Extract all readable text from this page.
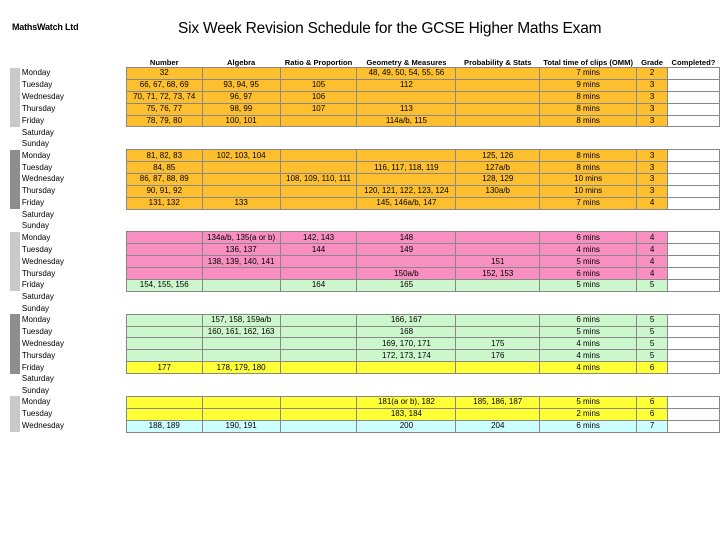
MathsWatch Ltd	Six Week Revision Schedule for the GCSE Higher Maths Exam
		Number	Algebra	Ratio & Proportion	Geometry & Measures	Probability & Stats	Total time of clips (OMM)	Grade	Completed?
	Monday	32			48, 49, 50, 54, 55, 56		7 mins	2	
	Tuesday	66, 67, 68, 69	93, 94, 95	105	112		9 mins	3	
	Wednesday	70, 71, 72, 73, 74	96, 97	106			8 mins	3	
	Thursday	75, 76, 77	98, 99	107	113		8 mins	3	
	Friday	78, 79, 80	100, 101		114a/b, 115		8 mins	3	
	Saturday								
	Sunday								
	Monday	81, 82, 83	102, 103, 104			125, 126	8 mins	3	
	Tuesday	84, 85			116, 117, 118, 119	127a/b	8 mins	3	
	Wednesday	86, 87, 88, 89		108, 109, 110, 111		128, 129	10 mins	3	
	Thursday	90, 91, 92			120, 121, 122, 123, 124	130a/b	10 mins	3	
	Friday	131, 132	133		145, 146a/b, 147		7 mins	4	
	Saturday								
	Sunday								
	Monday		134a/b, 135(a or b)	142, 143	148		6 mins	4	
	Tuesday		136, 137	144	149		4 mins	4	
	Wednesday		138, 139, 140, 141			151	5 mins	4	
	Thursday				150a/b	152, 153	6 mins	4	
	Friday	154, 155, 156		164	165		5 mins	5	
	Saturday								
	Sunday								
	Monday		157, 158, 159a/b		166, 167		6 mins	5	
	Tuesday		160, 161, 162, 163		168		5 mins	5	
	Wednesday				169, 170, 171	175	4 mins	5	
	Thursday				172, 173, 174	176	4 mins	5	
	Friday	177	178, 179, 180				4 mins	6	
	Saturday								
	Sunday								
	Monday				181(a or b), 182	185, 186, 187	5 mins	6	
	Tuesday				183, 184		2 mins	6	
	Wednesday	188, 189	190, 191		200	204	6 mins	7	
